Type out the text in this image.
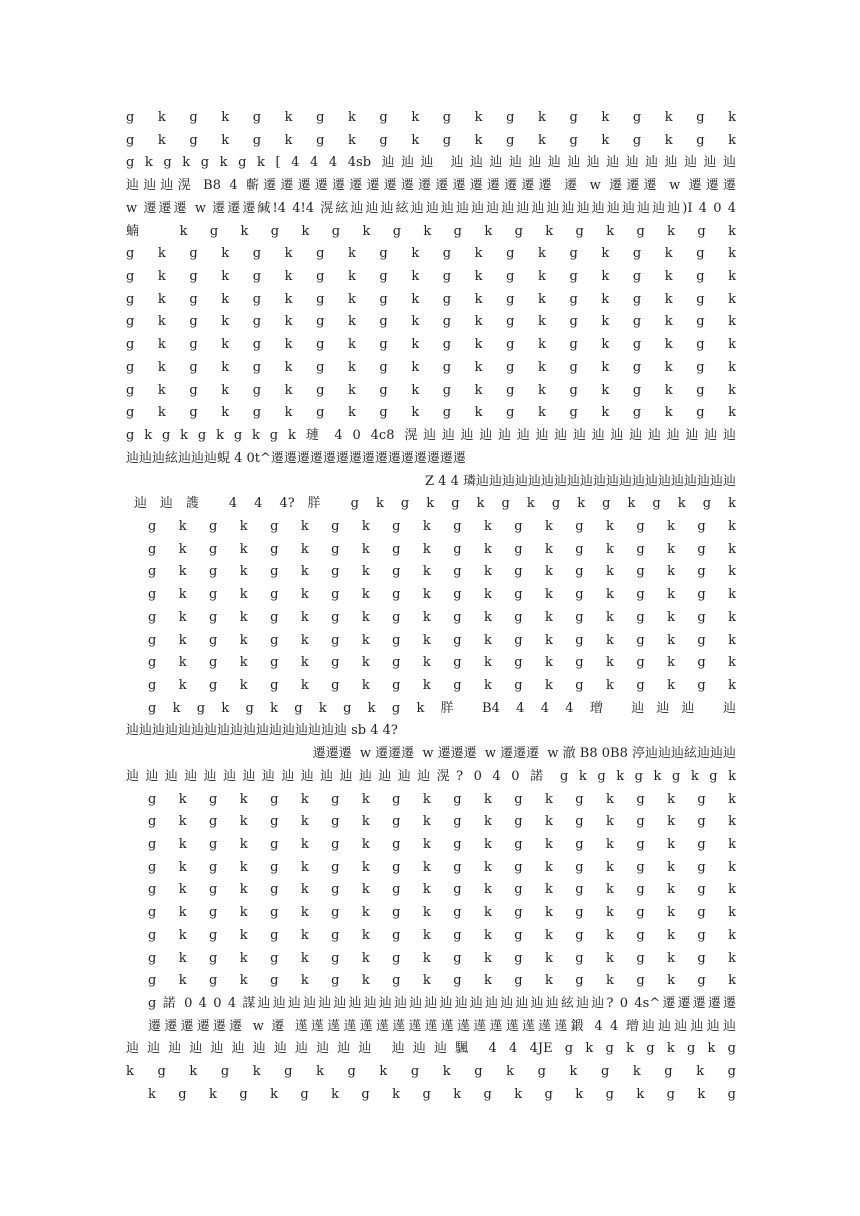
g k g k g k g k g k g k g k g k g k g k
g k g k g k g k g k g k g k g k g k g k
g k g k g k g k [ 4 4 4 4sb 辿辿辿 辿辿辿辿辿辿辿辿辿辿辿辿辿辿辿
辿辿辿滉 B8 4 蘄遷遷遷遷遷遷遷遷遷遷遷遷遷遷遷遷遷 遷 w 遷遷遷 w 遷遷遷
w 遷遷遷 w 遷遷遷緘!4 4!4 滉絃辿辿辿絃辿辿辿辿辿辿辿辿辿辿辿辿辿辿辿辿辿辿)I 4 0 4
蝻 k g k g k g k g k g k g k g k g k g k
g k g k g k g k g k g k g k g k g k g k
g k g k g k g k g k g k g k g k g k g k
g k g k g k g k g k g k g k g k g k g k
g k g k g k g k g k g k g k g k g k g k
g k g k g k g k g k g k g k g k g k g k
g k g k g k g k g k g k g k g k g k g k
g k g k g k g k g k g k g k g k g k g k
g k g k g k g k g k g k g k g k g k g k
g k g k g k g k g k 璉 4 0 4c8 滉辿辿辿辿辿辿辿辿辿辿辿辿辿辿辿辿辿
辿辿辿絃辿辿辿蜆 4 0t^遷遷遷遷遷遷遷遷遷遷遷遷遷遷遷
Z 4 4 璘辿辿辿辿辿辿辿辿辿辿辿辿辿辿辿辿辿辿辿辿
辿辿謢 4 4 4?羘 g k g k g k g k g k g k g k g k
g k g k g k g k g k g k g k g k g k g k
g k g k g k g k g k g k g k g k g k g k
g k g k g k g k g k g k g k g k g k g k
g k g k g k g k g k g k g k g k g k g k
g k g k g k g k g k g k g k g k g k g k
g k g k g k g k g k g k g k g k g k g k
g k g k g k g k g k g k g k g k g k g k
g k g k g k g k g k g k g k g k g k g k
g k g k g k g k g k g k 羘 B4 4 4 4 璔 辿辿辿 辿
辿辿辿辿辿辿辿辿辿辿辿辿辿辿辿辿辿 sb 4 4?
遷遷遷  w 遷遷遷  w 遷遷遷  w 遷遷遷  w 澈 B8 0B8 渟辿辿辿絃辿辿辿
辿辿辿辿辿辿辿辿辿辿辿辿辿辿辿辿滉? 0 4 0 諾 g k g k g k g k g k
g k g k g k g k g k g k g k g k g k g k
g k g k g k g k g k g k g k g k g k g k
g k g k g k g k g k g k g k g k g k g k
g k g k g k g k g k g k g k g k g k g k
g k g k g k g k g k g k g k g k g k g k
g k g k g k g k g k g k g k g k g k g k
g k g k g k g k g k g k g k g k g k g k
g k g k g k g k g k g k g k g k g k g k
g k g k g k g k g k g k g k g k g k g k
g 諾 0 4 0 4 謀辿辿辿辿辿辿辿辿辿辿辿辿辿辿辿辿辿辿辿辿絃辿辿? 0 4s^遷遷遷遷遷
遷遷遷遷遷遷 w 遷 遳遳遳遳遳遳遳遳遳遳遳遳遳遳遳遳遳鍛 4 4 璔辿辿辿辿辿辿
辿辿辿辿辿辿辿辿辿辿辿辿 辿辿辿颿 4 4 4JE g k g k g k g k g
k g k g k g k g k g k g k g k g k g k g
k g k g k g k g k g k g k g k g k g k g
